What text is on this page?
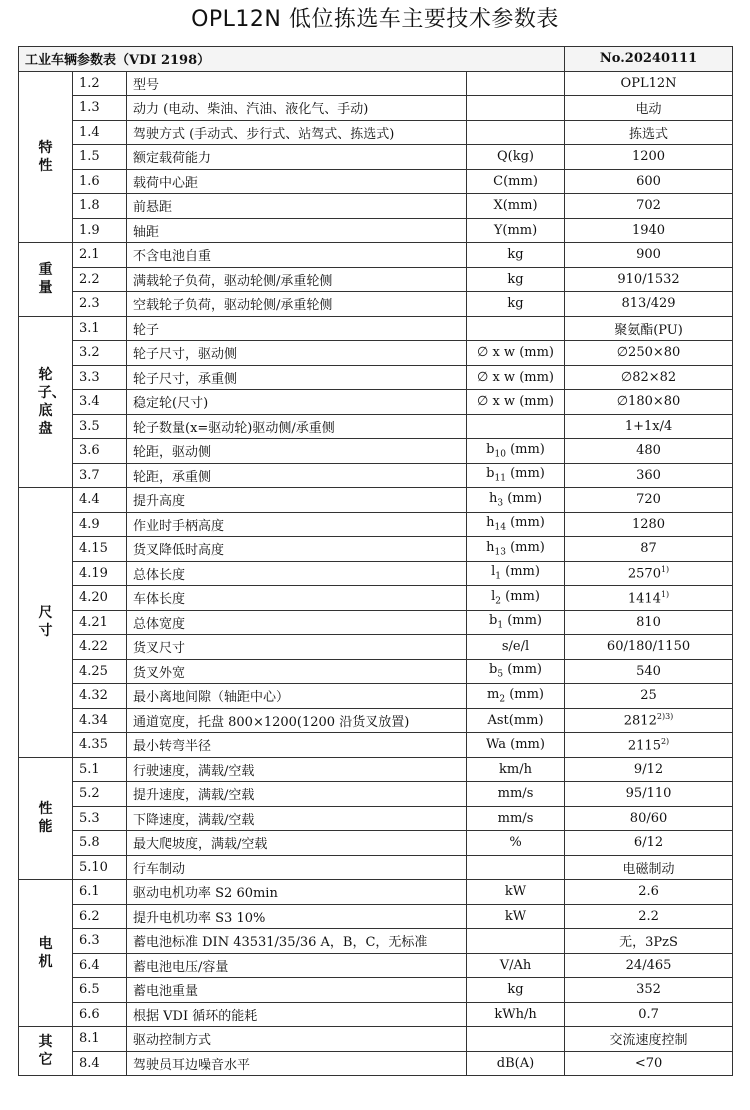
OPL12N 低位拣选车主要技术参数表
工业车辆参数表（VDI 2198）				No.20240111
特性	1.2	型号		OPL12N
	1.3	动力 (电动、柴油、汽油、液化气、手动)		电动
	1.4	驾驶方式 (手动式、步行式、站驾式、拣选式)		拣选式
	1.5	额定载荷能力	Q(kg)	1200
	1.6	载荷中心距	C(mm)	600
	1.8	前悬距	X(mm)	702
	1.9	轴距	Y(mm)	1940
重量	2.1	不含电池自重	kg	900
	2.2	满载轮子负荷，驱动轮侧/承重轮侧	kg	910/1532
	2.3	空载轮子负荷，驱动轮侧/承重轮侧	kg	813/429
轮子、底盘	3.1	轮子		聚氨酯(PU)
	3.2	轮子尺寸，驱动侧	∅ x w (mm)	∅250×80
	3.3	轮子尺寸，承重侧	∅ x w (mm)	∅82×82
	3.4	稳定轮(尺寸)	∅ x w (mm)	∅180×80
	3.5	轮子数量(x=驱动轮)驱动侧/承重侧		1+1x/4
	3.6	轮距，驱动侧	$b_{10}$ (mm)	480
	3.7	轮距，承重侧	$b_{11}$ (mm)	360
尺寸	4.4	提升高度	$h_3$ (mm)	720
	4.9	作业时手柄高度	$h_{14}$ (mm)	1280
	4.15	货叉降低时高度	$h_{13}$ (mm)	87
	4.19	总体长度	$l_1$ (mm)	2570$^{1)}$
	4.20	车体长度	$l_2$ (mm)	1414$^{1)}$
	4.21	总体宽度	$b_1$ (mm)	810
	4.22	货叉尺寸	s/e/l	60/180/1150
	4.25	货叉外宽	$b_5$ (mm)	540
	4.32	最小离地间隙（轴距中心）	$m_2$ (mm)	25
	4.34	通道宽度，托盘 800×1200(1200 沿货叉放置)	Ast(mm)	$2812^{2)3)}$
	4.35	最小转弯半径	Wa (mm)	2115$^{2)}$
性能	5.1	行驶速度，满载/空载	km/h	9/12
	5.2	提升速度，满载/空载	mm/s	95/110
	5.3	下降速度，满载/空载	mm/s	80/60
	5.8	最大爬坡度，满载/空载	%	6/12
	5.10	行车制动		电磁制动
电机	6.1	驱动电机功率 S2 60min	kW	2.6
	6.2	提升电机功率 S3 10%	kW	2.2
	6.3	蓄电池标准 DIN 43531/35/36 A，B，C，无标准		无，3PzS
	6.4	蓄电池电压/容量	V/Ah	24/465
	6.5	蓄电池重量	kg	352
	6.6	根据 VDI 循环的能耗	kWh/h	0.7
其它	8.1	驱动控制方式		交流速度控制
	8.4	驾驶员耳边噪音水平	dB(A)	<70
